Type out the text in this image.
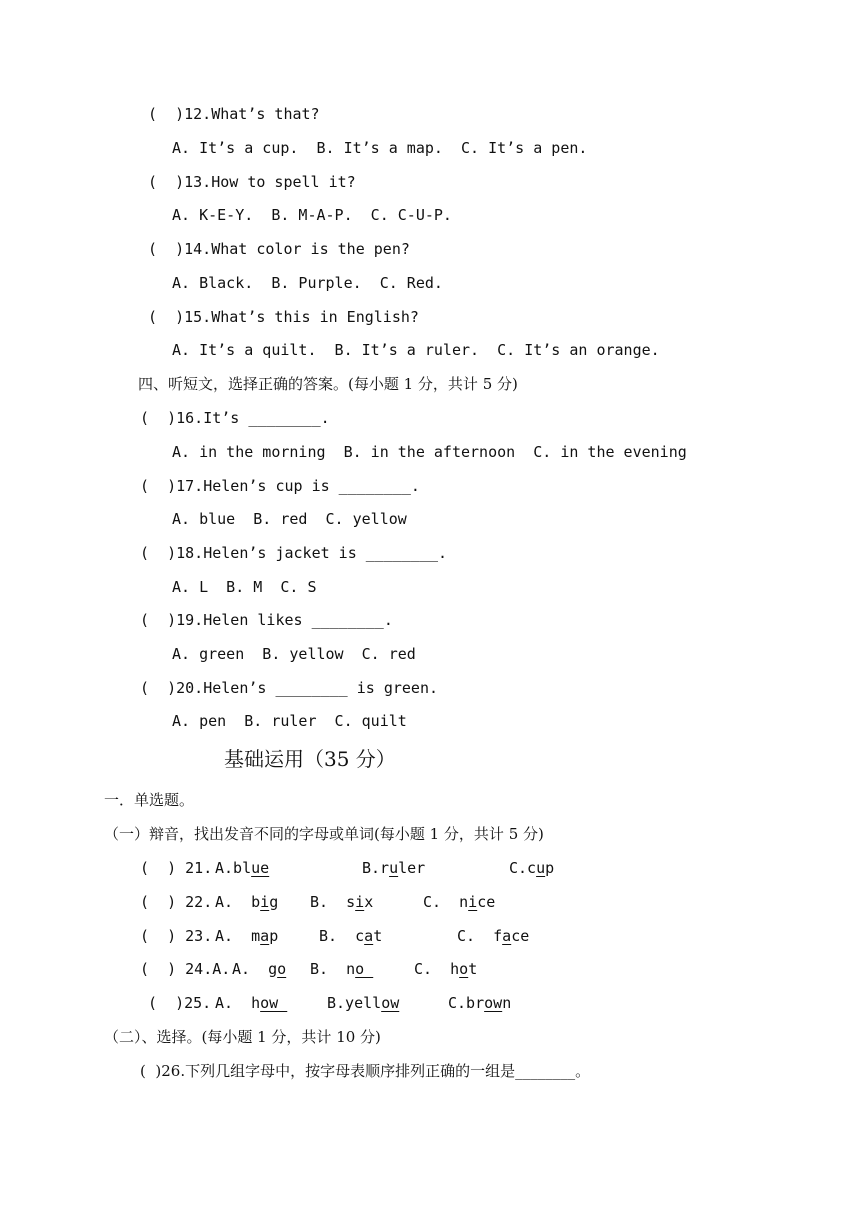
(  )12.What’s that?
A. It’s a cup.  B. It’s a map.  C. It’s a pen.
(  )13.How to spell it?
A. K-E-Y.  B. M-A-P.  C. C-U-P.
(  )14.What color is the pen?
A. Black.  B. Purple.  C. Red.
(  )15.What’s this in English?
A. It’s a quilt.  B. It’s a ruler.  C. It’s an orange.
四、听短文，选择正确的答案。(每小题 1 分，共计 5 分)
(  )16.It’s ________.
A. in the morning  B. in the afternoon  C. in the evening
(  )17.Helen’s cup is ________.
A. blue  B. red  C. yellow
(  )18.Helen’s jacket is ________.
A. L  B. M  C. S
(  )19.Helen likes ________.
A. green  B. yellow  C. red
(  )20.Helen’s ________ is green.
A. pen  B. ruler  C. quilt
基础运用（35 分）
一．单选题。
（一）辩音，找出发音不同的字母或单词(每小题 1 分，共计 5 分)
(  ) 21. A.blue	B.ruler	C.cup
(  ) 22. A.  big B.  six	C.  nice
(  ) 23. A.  map	B.  cat	C.  face
(  ) 24.A. A.  go B.  no	C.  hot
(  )25. A.  how	B.yellow	C.brown
（二）、选择。(每小题 1 分，共计 10 分)
(  )26.下列几组字母中，按字母表顺序排列正确的一组是________。
